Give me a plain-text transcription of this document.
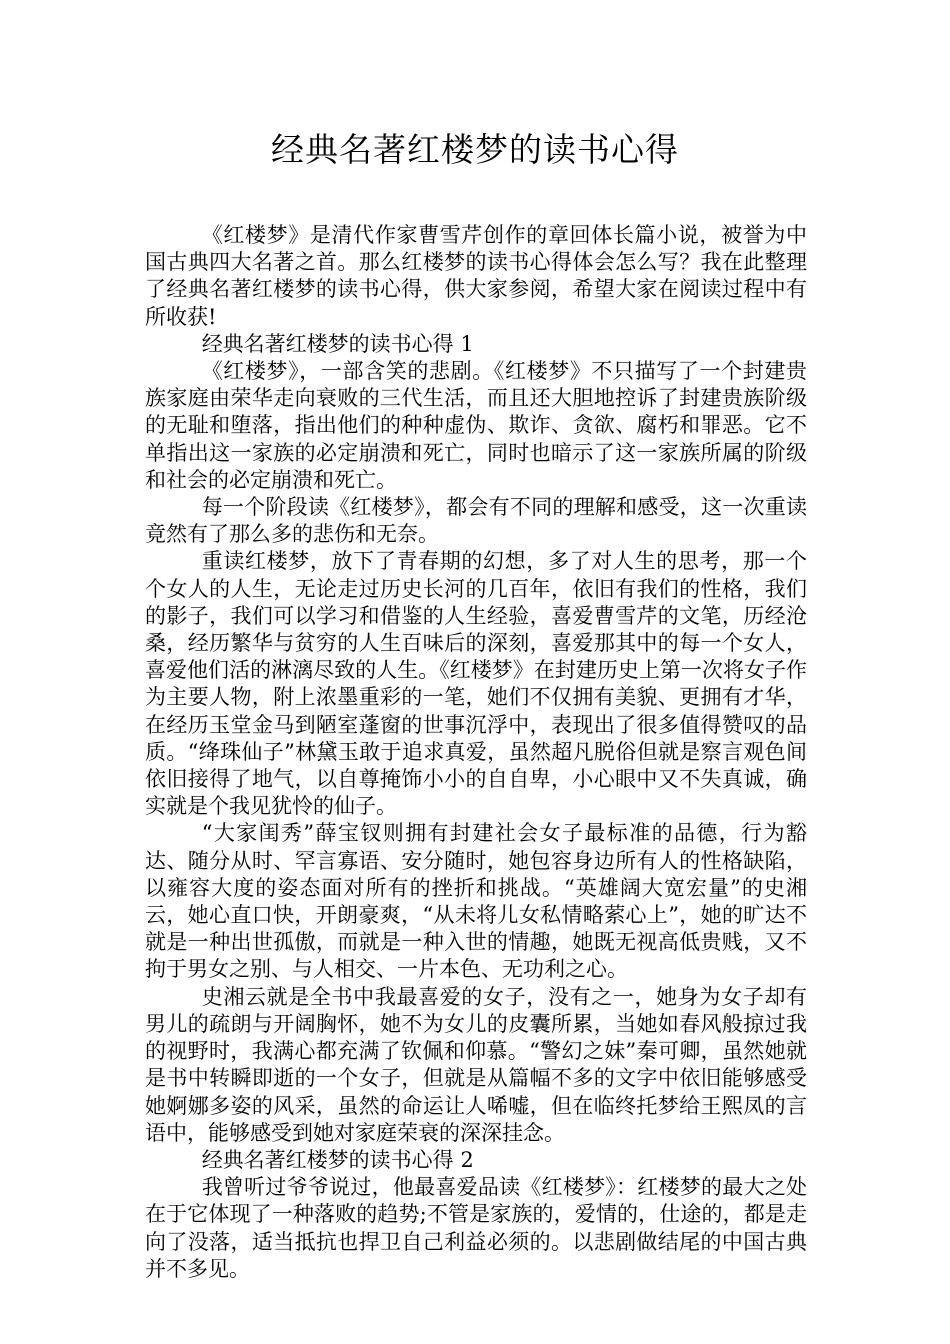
经典名著红楼梦的读书心得

《红楼梦》是清代作家曹雪芹创作的章回体长篇小说，被誉为中国古典四大名著之首。那么红楼梦的读书心得体会怎么写？我在此整理了经典名著红楼梦的读书心得，供大家参阅，希望大家在阅读过程中有所收获!

经典名著红楼梦的读书心得 1

《红楼梦》，一部含笑的悲剧。《红楼梦》不只描写了一个封建贵族家庭由荣华走向衰败的三代生活，而且还大胆地控诉了封建贵族阶级的无耻和堕落，指出他们的种种虚伪、欺诈、贪欲、腐朽和罪恶。它不单指出这一家族的必定崩溃和死亡，同时也暗示了这一家族所属的阶级和社会的必定崩溃和死亡。

每一个阶段读《红楼梦》，都会有不同的理解和感受，这一次重读竟然有了那么多的悲伤和无奈。

重读红楼梦，放下了青春期的幻想，多了对人生的思考，那一个个女人的人生，无论走过历史长河的几百年，依旧有我们的性格，我们的影子，我们可以学习和借鉴的人生经验，喜爱曹雪芹的文笔，历经沧桑，经历繁华与贫穷的人生百味后的深刻，喜爱那其中的每一个女人，喜爱他们活的淋漓尽致的人生。《红楼梦》在封建历史上第一次将女子作为主要人物，附上浓墨重彩的一笔，她们不仅拥有美貌、更拥有才华，在经历玉堂金马到陋室蓬窗的世事沉浮中，表现出了很多值得赞叹的品质。“绛珠仙子”林黛玉敢于追求真爱，虽然超凡脱俗但就是察言观色间依旧接得了地气，以自尊掩饰小小的自自卑，小心眼中又不失真诚，确实就是个我见犹怜的仙子。

“大家闺秀”薛宝钗则拥有封建社会女子最标准的品德，行为豁达、随分从时、罕言寡语、安分随时，她包容身边所有人的性格缺陷，以雍容大度的姿态面对所有的挫折和挑战。“英雄阔大宽宏量”的史湘云，她心直口快，开朗豪爽，“从未将儿女私情略萦心上”，她的旷达不就是一种出世孤傲，而就是一种入世的情趣，她既无视高低贵贱，又不拘于男女之别、与人相交、一片本色、无功利之心。

史湘云就是全书中我最喜爱的女子，没有之一，她身为女子却有男儿的疏朗与开阔胸怀，她不为女儿的皮囊所累，当她如春风般掠过我的视野时，我满心都充满了钦佩和仰慕。“警幻之妹”秦可卿，虽然她就是书中转瞬即逝的一个女子，但就是从篇幅不多的文字中依旧能够感受她婀娜多姿的风采，虽然的命运让人唏嘘，但在临终托梦给王熙凤的言语中，能够感受到她对家庭荣衰的深深挂念。

经典名著红楼梦的读书心得 2

我曾听过爷爷说过，他最喜爱品读《红楼梦》：红楼梦的最大之处在于它体现了一种落败的趋势;不管是家族的，爱情的，仕途的，都是走向了没落，适当抵抗也捍卫自己利益必须的。以悲剧做结尾的中国古典并不多见。
